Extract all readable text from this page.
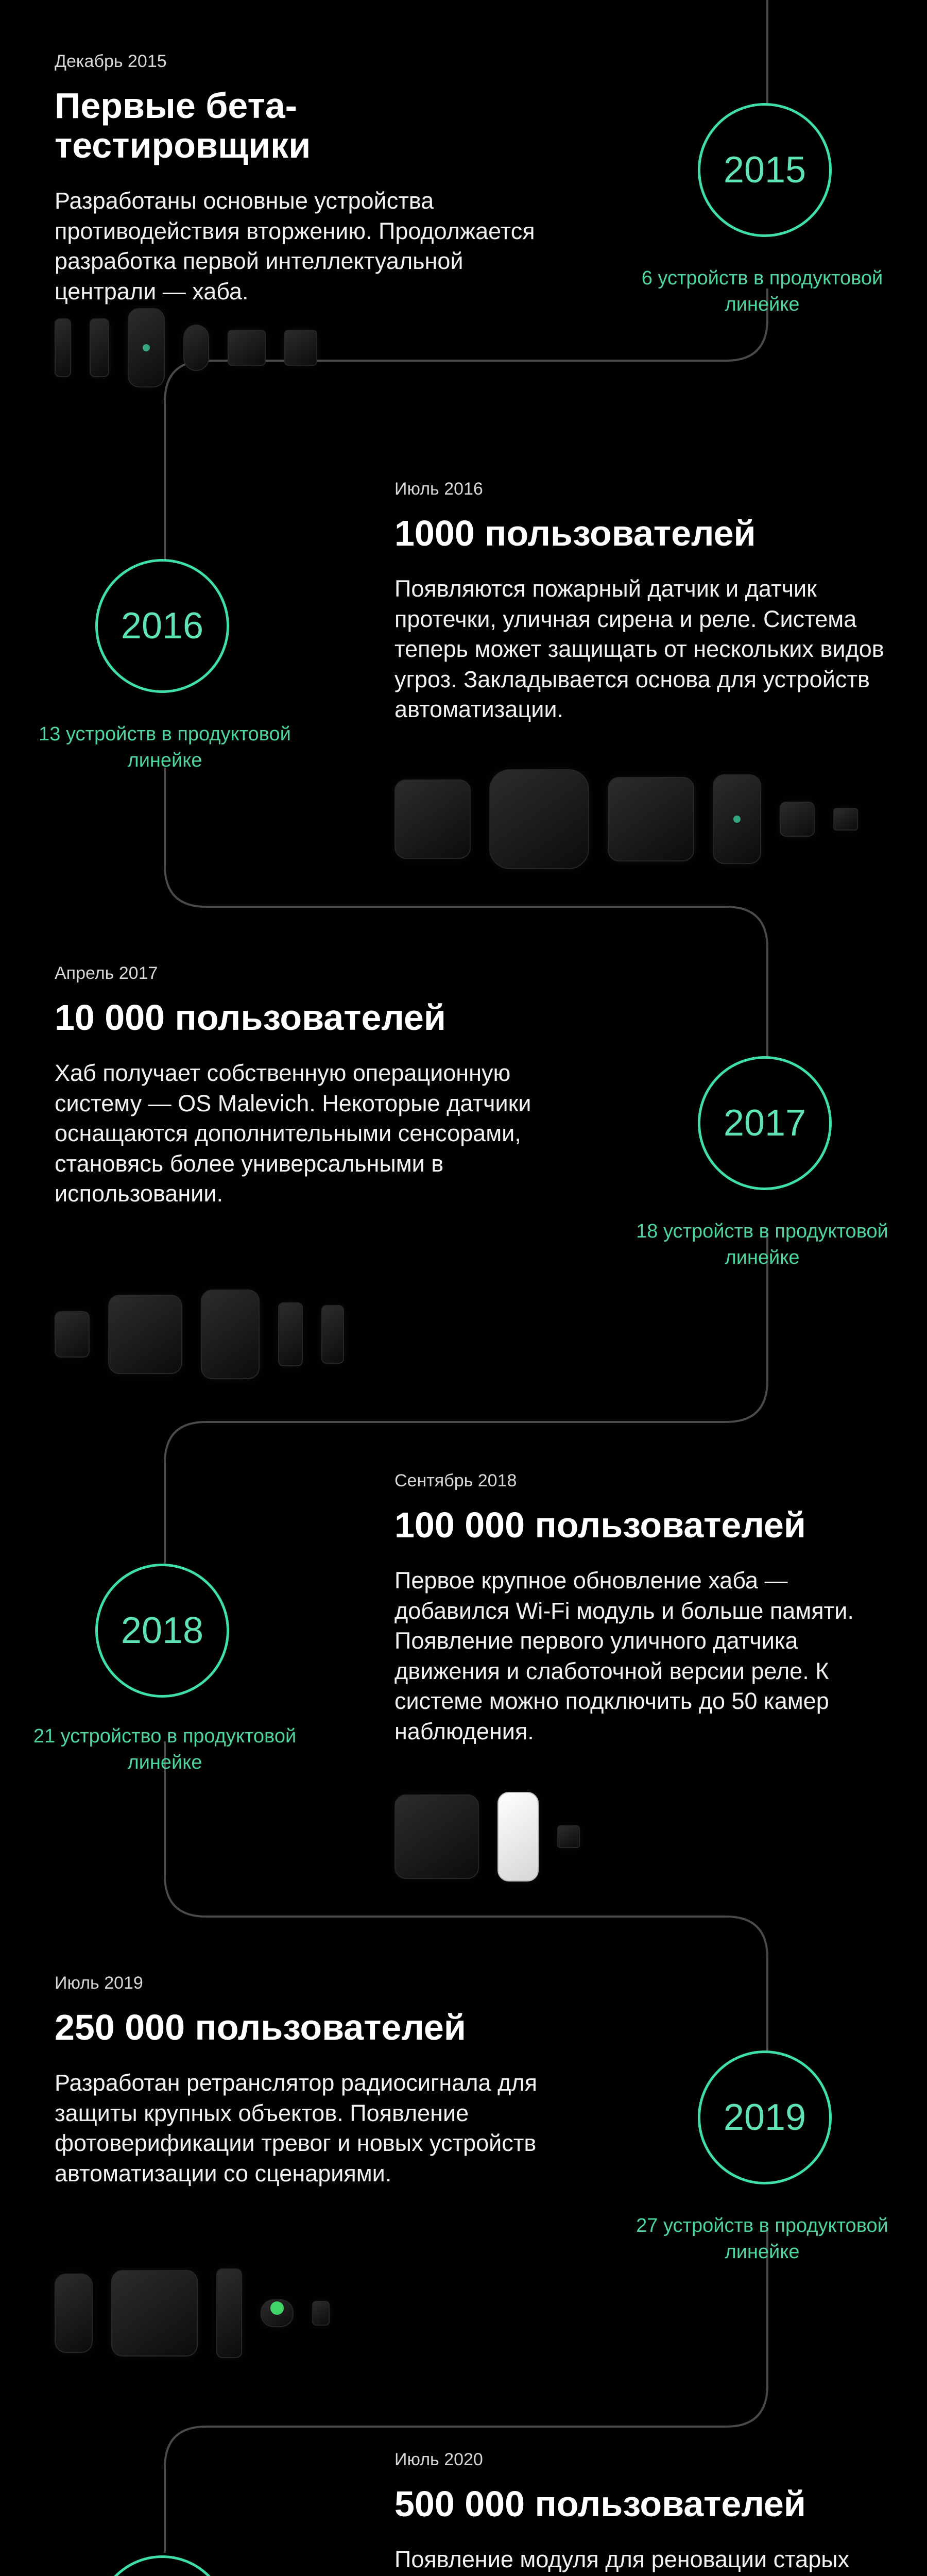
Декабрь 2015

Первые бета-тестировщики

Разработаны основные устройства противодействия вторжению. Продолжается разработка первой интеллектуальной централи — хаба.

2015
6 устройств в продуктовой линейке

Июль 2016

1000 пользователей

Появляются пожарный датчик и датчик протечки, уличная сирена и реле. Система теперь может защищать от нескольких видов угроз. Закладывается основа для устройств автоматизации.

2016
13 устройств в продуктовой линейке

Апрель 2017

10 000 пользователей

Хаб получает собственную операционную систему — OS Malevich. Некоторые датчики оснащаются дополнительными сенсорами, становясь более универсальными в использовании.

2017
18 устройств в продуктовой линейке

Сентябрь 2018

100 000 пользователей

Первое крупное обновление хаба — добавился Wi-Fi модуль и больше памяти. Появление первого уличного датчика движения и слаботочной версии реле. К системе можно подключить до 50 камер наблюдения.

2018
21 устройство в продуктовой линейке

Июль 2019

250 000 пользователей

Разработан ретранслятор радиосигнала для защиты крупных объектов. Появление фотоверификации тревог и новых устройств автоматизации со сценариями.

2019
27 устройств в продуктовой линейке

Июль 2020

500 000 пользователей

Появление модуля для реновации старых
